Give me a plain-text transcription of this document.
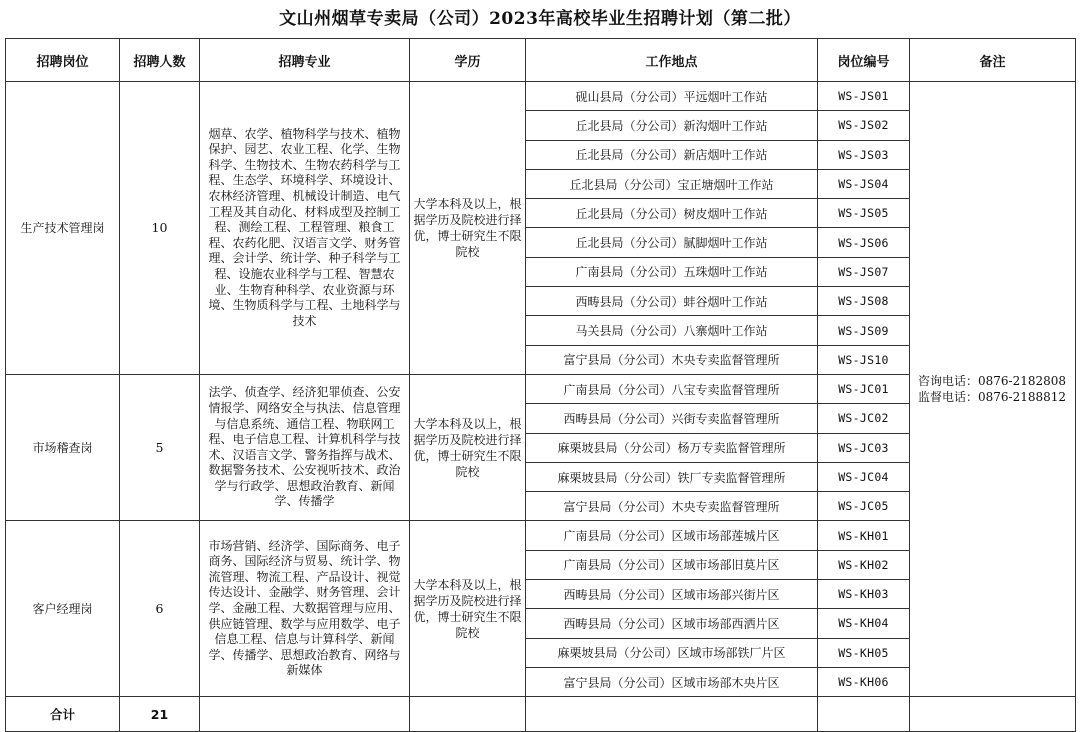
文山州烟草专卖局（公司）2023年高校毕业生招聘计划（第二批）
招聘岗位	招聘人数	招聘专业	学历	工作地点	岗位编号	备注
生产技术管理岗	10	烟草、农学、植物科学与技术、植物保护、园艺、农业工程、化学、生物科学、生物技术、生物农药科学与工程、生态学、环境科学、环境设计、农林经济管理、机械设计制造、电气工程及其自动化、材料成型及控制工程、测绘工程、工程管理、粮食工程、农药化肥、汉语言文学、财务管理、会计学、统计学、种子科学与工程、设施农业科学与工程、智慧农业、生物育种科学、农业资源与环境、生物质科学与工程、土地科学与技术	大学本科及以上，根据学历及院校进行择优，博士研究生不限院校	砚山县局（分公司）平远烟叶工作站	WS-JS01	咨询电话：0876-2182808
监督电话：0876-2188812
				丘北县局（分公司）新沟烟叶工作站	WS-JS02	
				丘北县局（分公司）新店烟叶工作站	WS-JS03	
				丘北县局（分公司）宝正塘烟叶工作站	WS-JS04	
				丘北县局（分公司）树皮烟叶工作站	WS-JS05	
				丘北县局（分公司）腻脚烟叶工作站	WS-JS06	
				广南县局（分公司）五珠烟叶工作站	WS-JS07	
				西畴县局（分公司）蚌谷烟叶工作站	WS-JS08	
				马关县局（分公司）八寨烟叶工作站	WS-JS09	
				富宁县局（分公司）木央专卖监督管理所	WS-JS10	
市场稽查岗	5	法学、侦查学、经济犯罪侦查、公安情报学、网络安全与执法、信息管理与信息系统、通信工程、物联网工程、电子信息工程、计算机科学与技术、汉语言文学、警务指挥与战术、数据警务技术、公安视听技术、政治学与行政学、思想政治教育、新闻学、传播学	大学本科及以上，根据学历及院校进行择优，博士研究生不限院校	广南县局（分公司）八宝专卖监督管理所	WS-JC01	
				西畴县局（分公司）兴街专卖监督管理所	WS-JC02	
				麻栗坡县局（分公司）杨万专卖监督管理所	WS-JC03	
				麻栗坡县局（分公司）铁厂专卖监督管理所	WS-JC04	
				富宁县局（分公司）木央专卖监督管理所	WS-JC05	
客户经理岗	6	市场营销、经济学、国际商务、电子商务、国际经济与贸易、统计学、物流管理、物流工程、产品设计、视觉传达设计、金融学、财务管理、会计学、金融工程、大数据管理与应用、供应链管理、数学与应用数学、电子信息工程、信息与计算科学、新闻学、传播学、思想政治教育、网络与新媒体	大学本科及以上，根据学历及院校进行择优，博士研究生不限院校	广南县局（分公司）区域市场部莲城片区	WS-KH01	
				广南县局（分公司）区域市场部旧莫片区	WS-KH02	
				西畴县局（分公司）区域市场部兴街片区	WS-KH03	
				西畴县局（分公司）区域市场部西洒片区	WS-KH04	
				麻栗坡县局（分公司）区域市场部铁厂片区	WS-KH05	
				富宁县局（分公司）区域市场部木央片区	WS-KH06	
合计	21					
